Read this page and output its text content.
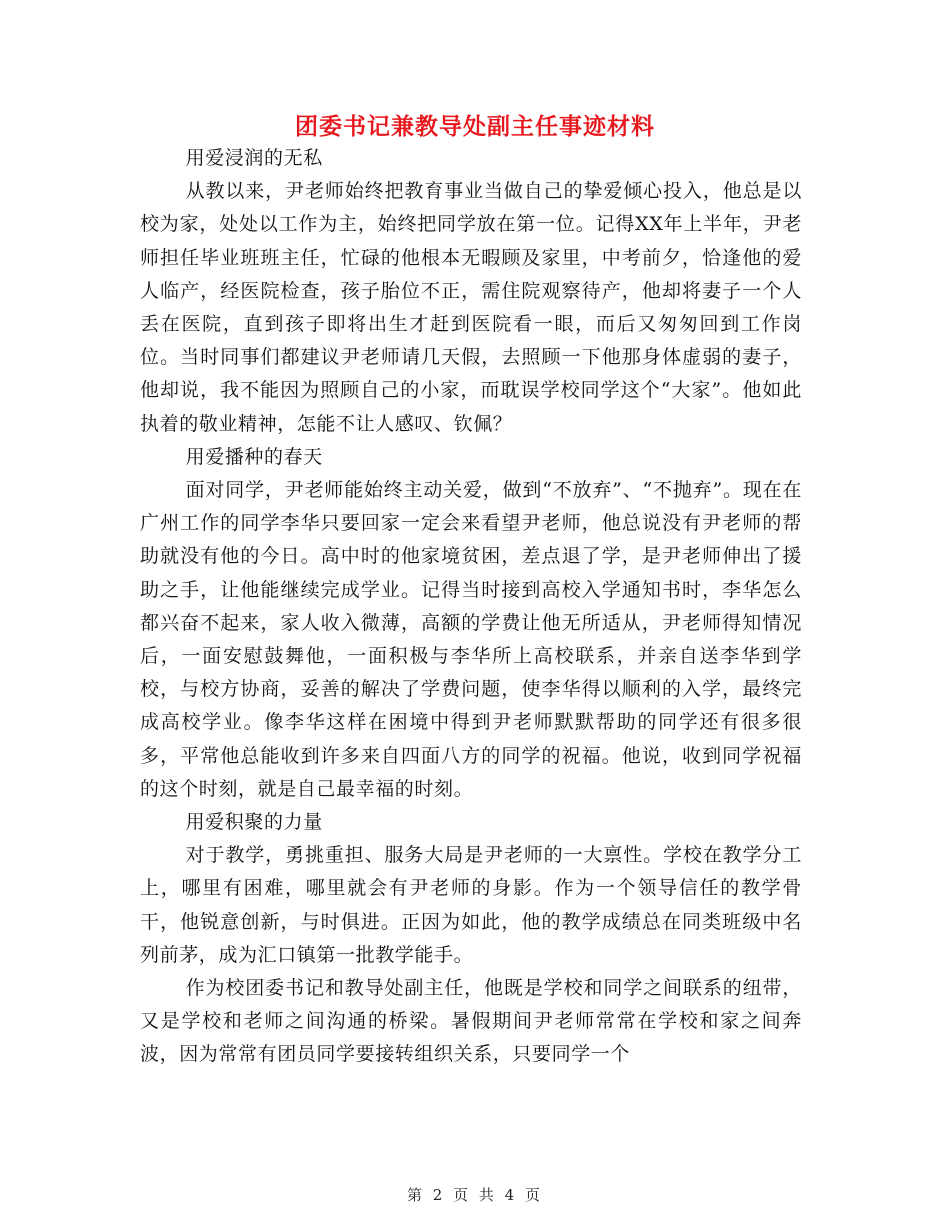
团委书记兼教导处副主任事迹材料

用爱浸润的无私

从教以来，尹老师始终把教育事业当做自己的挚爱倾心投入，他总是以校为家，处处以工作为主，始终把同学放在第一位。记得XX年上半年，尹老师担任毕业班班主任，忙碌的他根本无暇顾及家里，中考前夕，恰逢他的爱人临产，经医院检查，孩子胎位不正，需住院观察待产，他却将妻子一个人丢在医院，直到孩子即将出生才赶到医院看一眼，而后又匆匆回到工作岗位。当时同事们都建议尹老师请几天假，去照顾一下他那身体虚弱的妻子，他却说，我不能因为照顾自己的小家，而耽误学校同学这个“大家”。他如此执着的敬业精神，怎能不让人感叹、钦佩？

用爱播种的春天

面对同学，尹老师能始终主动关爱，做到“不放弃”、“不抛弃”。现在在广州工作的同学李华只要回家一定会来看望尹老师，他总说没有尹老师的帮助就没有他的今日。高中时的他家境贫困，差点退了学，是尹老师伸出了援助之手，让他能继续完成学业。记得当时接到高校入学通知书时，李华怎么都兴奋不起来，家人收入微薄，高额的学费让他无所适从，尹老师得知情况后，一面安慰鼓舞他，一面积极与李华所上高校联系，并亲自送李华到学校，与校方协商，妥善的解决了学费问题，使李华得以顺利的入学，最终完成高校学业。像李华这样在困境中得到尹老师默默帮助的同学还有很多很多，平常他总能收到许多来自四面八方的同学的祝福。他说，收到同学祝福的这个时刻，就是自己最幸福的时刻。

用爱积聚的力量

对于教学，勇挑重担、服务大局是尹老师的一大禀性。学校在教学分工上，哪里有困难，哪里就会有尹老师的身影。作为一个领导信任的教学骨干，他锐意创新，与时俱进。正因为如此，他的教学成绩总在同类班级中名列前茅，成为汇口镇第一批教学能手。

作为校团委书记和教导处副主任，他既是学校和同学之间联系的纽带，又是学校和老师之间沟通的桥梁。暑假期间尹老师常常在学校和家之间奔波，因为常常有团员同学要接转组织关系，只要同学一个

第 2 页 共 4 页
